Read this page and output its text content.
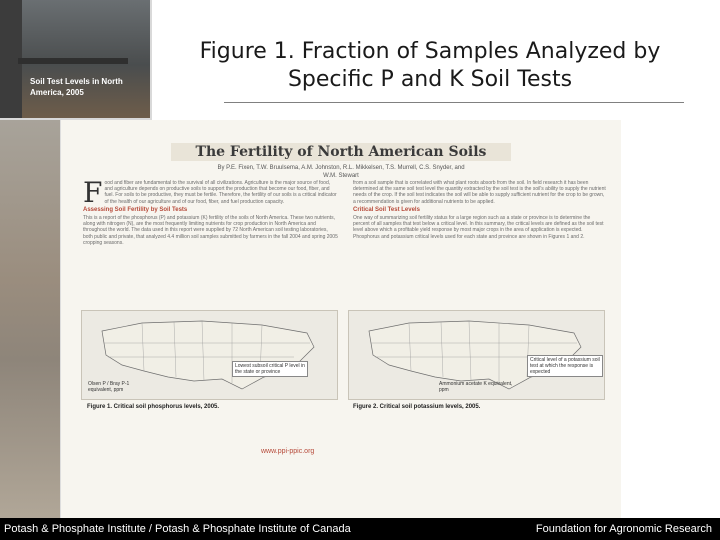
Soil Test Levels in North America, 2005
Figure 1. Fraction of Samples Analyzed by Specific P and K Soil Tests
The Fertility of North American Soils
By P.E. Fixen, T.W. Bruulsema, A.M. Johnston, R.L. Mikkelsen, T.S. Murrell, C.S. Snyder, and W.M. Stewart

Food and fiber are fundamental to the survival of all civilizations. Agriculture is the major source of food, and agriculture depends on productive soils to support the production that become our food, fiber, and fuel. For soils to be productive, they must be fertile. Therefore, the fertility of our soils is a critical indicator of the health of our agriculture and of our food, fiber, and fuel production capacity.

Assessing Soil Fertility by Soil Tests

This is a report of the phosphorus (P) and potassium (K) fertility of the soils of North America. These two nutrients, along with nitrogen (N), are the most frequently limiting nutrients for crop production in North America and throughout the world. The data used in this report were supplied by 72 North American soil testing laboratories, both public and private, that analyzed 4.4 million soil samples submitted by farmers in the fall 2004 and spring 2005 cropping seasons.

from a soil sample that is correlated with what plant roots absorb from the soil. In field research it has been determined at the same soil test level the quantity extracted by the soil test is the soil's ability to supply the nutrient needs of the crop. If the soil test indicates the soil will be able to supply sufficient nutrient for the crop to be grown, a recommendation is given for additional nutrients to be applied.

Critical Soil Test Levels

One way of summarizing soil fertility status for a large region such as a state or province is to determine the percent of all samples that test below a critical level. In this summary, the critical levels are defined as the soil test level above which a profitable yield response by most major crops in the area of application is expected. Phosphorus and potassium critical levels used for each state and province are shown in Figures 1 and 2.

Olsen P / Bray P-1 equivalent, ppm
Lowest subsoil critical P level in the state or province
Ammonium acetate K equivalent, ppm
Critical level of a potassium soil test at which the response is expected
Figure 1. Critical soil phosphorus levels, 2005.	Figure 2. Critical soil potassium levels, 2005.
www.ppi-ppic.org
Potash & Phosphate Institute / Potash & Phosphate Institute of Canada	Foundation for Agronomic Research
